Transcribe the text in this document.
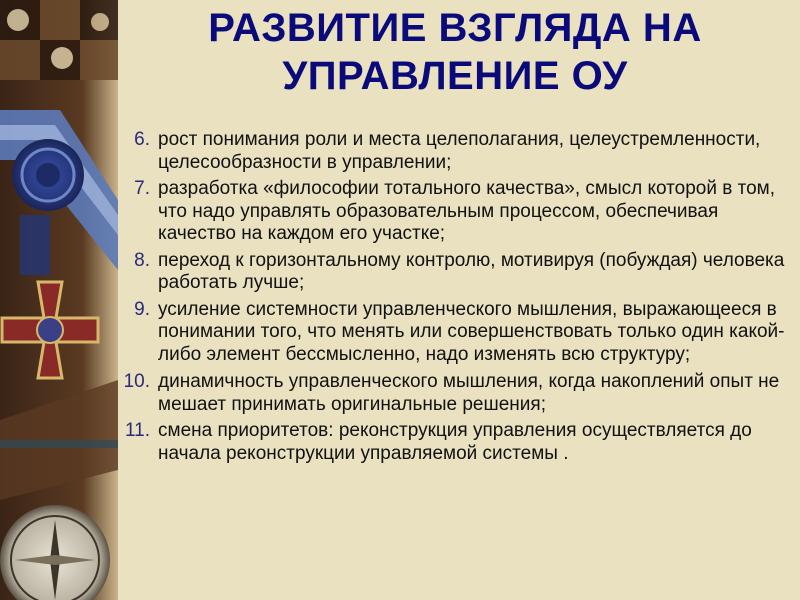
РАЗВИТИЕ ВЗГЛЯДА НА
УПРАВЛЕНИЕ ОУ
6. рост понимания роли и места целеполагания, целеустремленности, целесообразности в управлении;
7. разработка «философии тотального качества», смысл которой в том, что надо управлять образовательным процессом, обеспечивая качество на каждом его участке;
8. переход к горизонтальному контролю, мотивируя (побуждая) человека работать лучше;
9. усиление системности управленческого мышления, выражающееся в понимании того, что менять или совершенствовать только один какой-либо элемент бессмысленно, надо изменять всю структуру;
10. динамичность управленческого мышления, когда накоплений опыт не мешает принимать оригинальные решения;
11. смена приоритетов: реконструкция управления осуществляется до начала реконструкции управляемой системы .
